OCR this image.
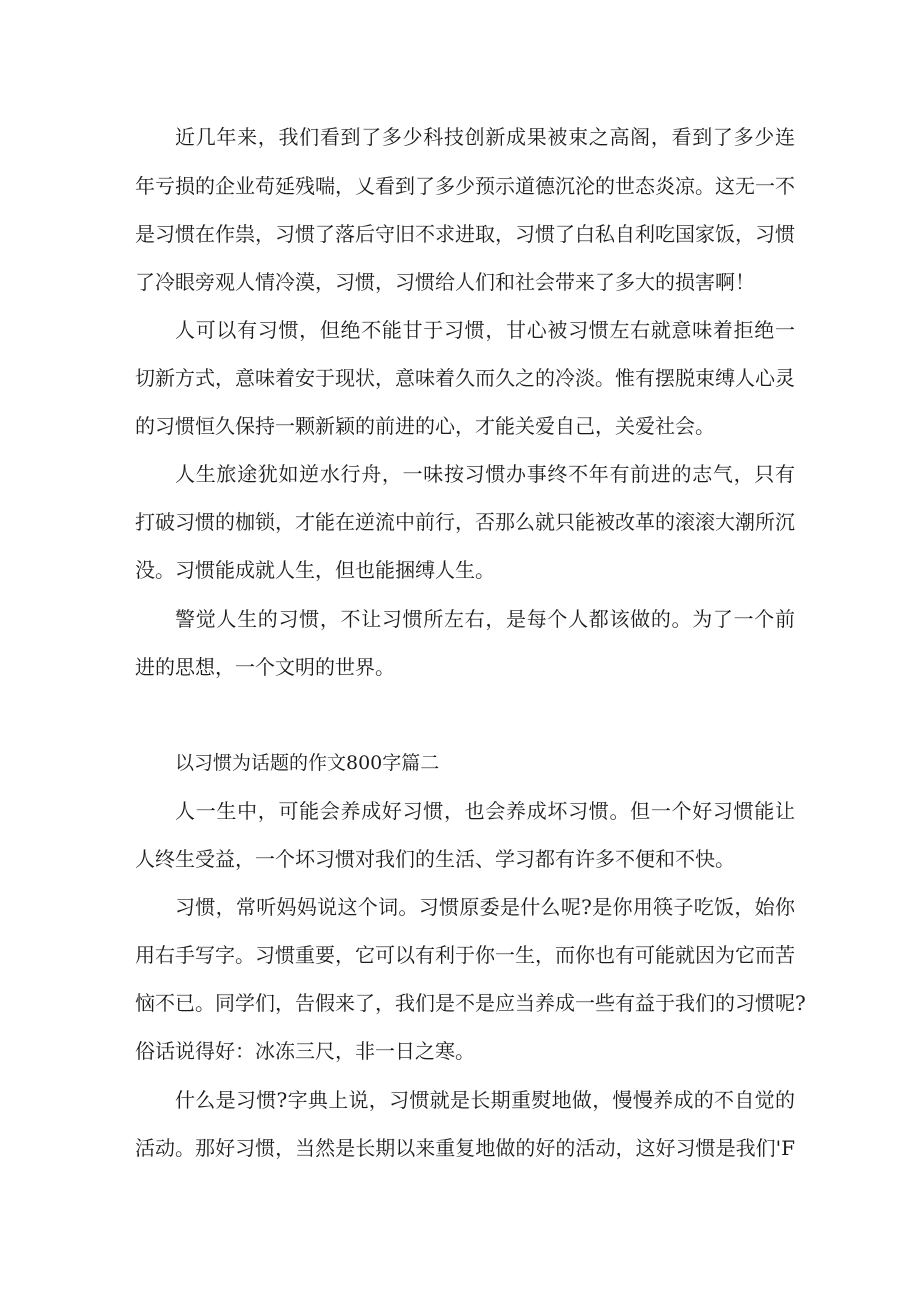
近几年来，我们看到了多少科技创新成果被束之高阁，看到了多少连
年亏损的企业苟延残喘，乂看到了多少预示道德沉沦的世态炎凉。这无一不
是习惯在作祟，习惯了落后守旧不求进取，习惯了白私自利吃国家饭，习惯
了冷眼旁观人情冷漠，习惯，习惯给人们和社会带来了多大的损害啊！
人可以有习惯，但绝不能甘于习惯，甘心被习惯左右就意味着拒绝一
切新方式，意味着安于现状，意味着久而久之的冷淡。惟有摆脱束缚人心灵
的习惯恒久保持一颗新颖的前进的心，才能关爱自己，关爱社会。
人生旅途犹如逆水行舟，一味按习惯办事终不年有前进的志气，只有
打破习惯的枷锁，才能在逆流中前行，否那么就只能被改革的滚滚大潮所沉
没。习惯能成就人生，但也能捆缚人生。
警觉人生的习惯，不让习惯所左右，是每个人都该做的。为了一个前
进的思想，一个文明的世界。
以习惯为话题的作文800字篇二
人一生中，可能会养成好习惯，也会养成坏习惯。但一个好习惯能让
人终生受益，一个坏习惯对我们的生活、学习都有许多不便和不快。
习惯，常听妈妈说这个词。习惯原委是什么呢?是你用筷子吃饭，始你
用右手写字。习惯重要，它可以有利于你一生，而你也有可能就因为它而苦
恼不已。同学们，告假来了，我们是不是应当养成一些有益于我们的习惯呢?
俗话说得好：冰冻三尺，非一日之寒。
什么是习惯?字典上说，习惯就是长期重熨地做，慢慢养成的不自觉的
活动。那好习惯，当然是长期以来重复地做的好的活动，这好习惯是我们'F
